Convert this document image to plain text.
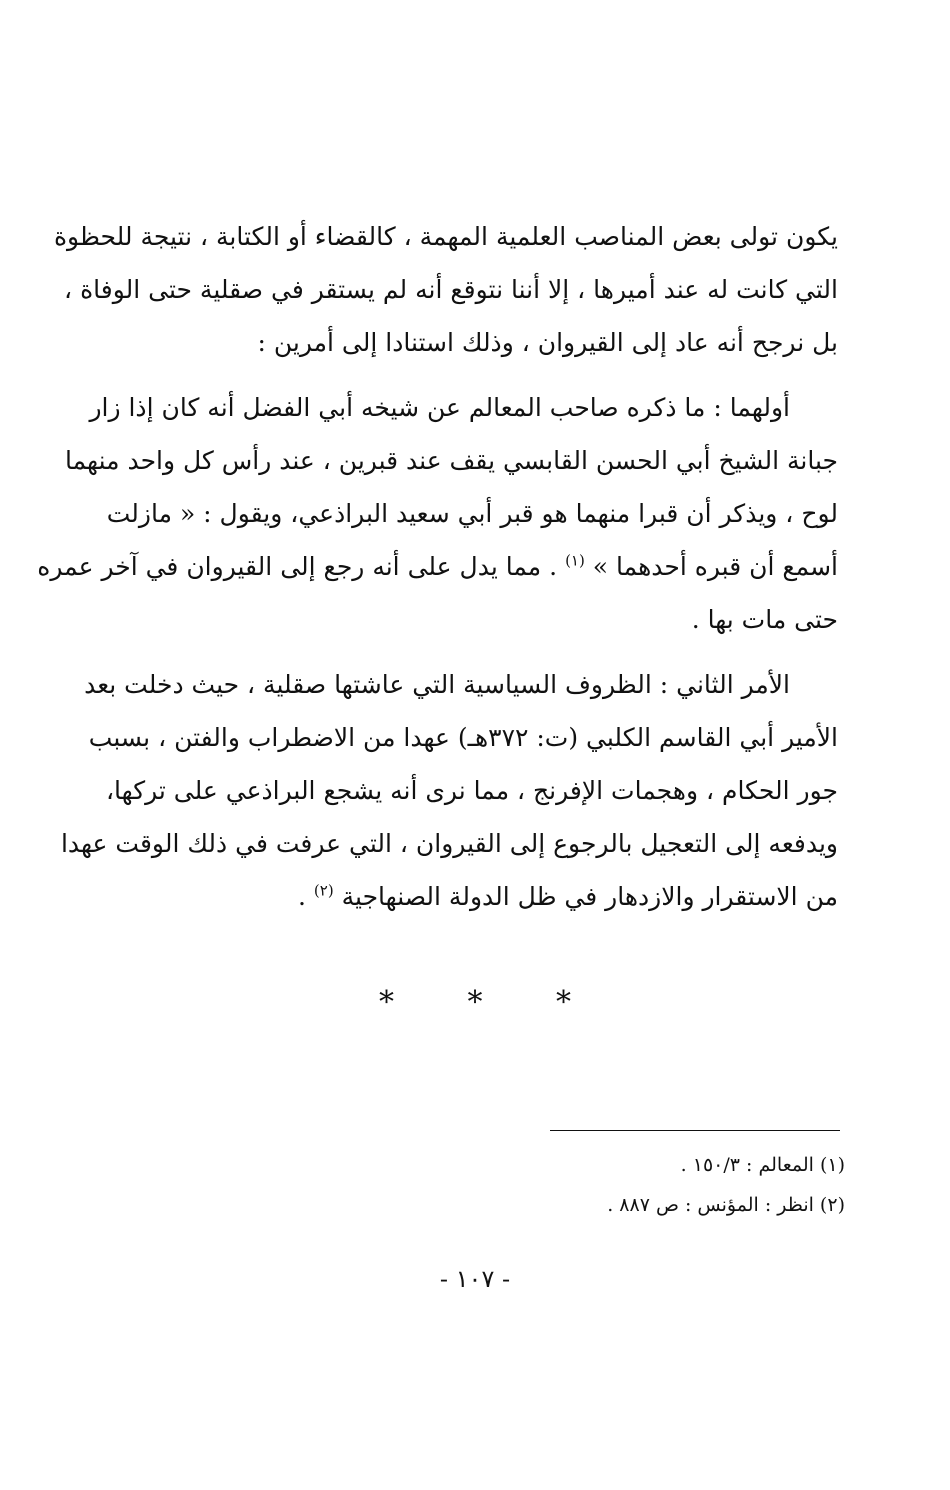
يكون تولى بعض المناصب العلمية المهمة ، كالقضاء أو الكتابة ، نتيجة للحظوة
التي كانت له عند أميرها ، إلا أننا نتوقع أنه لم يستقر في صقلية حتى الوفاة ،
بل نرجح أنه عاد إلى القيروان ، وذلك استنادا إلى أمرين :

أولهما : ما ذكره صاحب المعالم عن شيخه أبي الفضل أنه كان إذا زار
جبانة الشيخ أبي الحسن القابسي يقف عند قبرين ، عند رأس كل واحد منهما
لوح ، ويذكر أن قبرا منهما هو قبر أبي سعيد البراذعي، ويقول : « مازلت
أسمع أن قبره أحدهما » $^{(١)}$ . مما يدل على أنه رجع إلى القيروان في آخر عمره
حتى مات بها .

الأمر الثاني : الظروف السياسية التي عاشتها صقلية ، حيث دخلت بعد
الأمير أبي القاسم الكلبي (ت: ٣٧٢هـ) عهدا من الاضطراب والفتن ، بسبب
جور الحكام ، وهجمات الإفرنج ، مما نرى أنه يشجع البراذعي على تركها،
ويدفعه إلى التعجيل بالرجوع إلى القيروان ، التي عرفت في ذلك الوقت عهدا
من الاستقرار والازدهار في ظل الدولة الصنهاجية $^{(٢)}$ .

* * *
(١) المعالم : ١٥٠/٣ .
(٢) انظر : المؤنس : ص ٨٨٧ .
- ١٠٧ -
